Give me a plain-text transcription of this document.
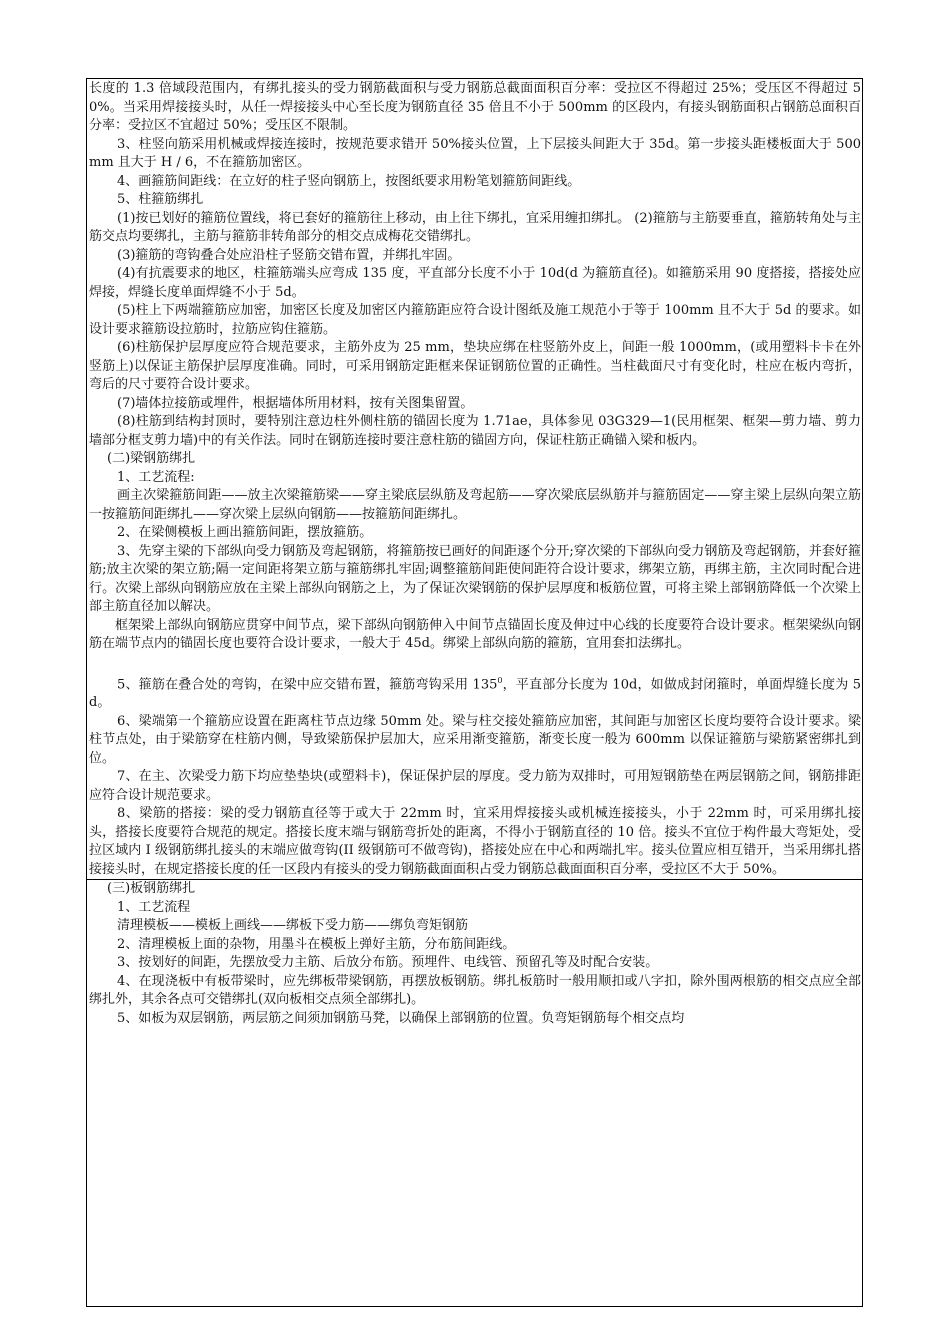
长度的 1.3 倍域段范围内，有绑扎接头的受力钢筋截面积与受力钢筋总截面面积百分率：受拉区不得超过 25%；受压区不得超过 50%。当采用焊接接头时，从任一焊接接头中心至长度为钢筋直径 35 倍且不小于 500mm 的区段内，有接头钢筋面积占钢筋总面积百分率：受拉区不宜超过 50%；受压区不限制。

3、柱竖向筋采用机械或焊接连接时，按规范要求错开 50%接头位置，上下层接头间距大于 35d。第一步接头距楼板面大于 500mm 且大于 H / 6，不在箍筋加密区。

4、画箍筋间距线：在立好的柱子竖向钢筋上，按图纸要求用粉笔划箍筋间距线。

5、柱箍筋绑扎

(1)按已划好的箍筋位置线，将已套好的箍筋往上移动，由上往下绑扎，宜采用缠扣绑扎。 (2)箍筋与主筋要垂直，箍筋转角处与主筋交点均要绑扎，主筋与箍筋非转角部分的相交点成梅花交错绑扎。

(3)箍筋的弯钩叠合处应沿柱子竖筋交错布置，并绑扎牢固。

(4)有抗震要求的地区，柱箍筋端头应弯成 135 度，平直部分长度不小于 10d(d 为箍筋直径)。如箍筋采用 90 度搭接，搭接处应焊接，焊缝长度单面焊缝不小于 5d。

(5)柱上下两端箍筋应加密，加密区长度及加密区内箍筋距应符合设计图纸及施工规范小于等于 100mm 且不大于 5d 的要求。如设计要求箍筋设拉筋时，拉筋应钩住箍筋。

(6)柱筋保护层厚度应符合规范要求，主筋外皮为 25 mm，垫块应绑在柱竖筋外皮上，间距一般 1000mm，(或用塑料卡卡在外竖筋上)以保证主筋保护层厚度准确。同时，可采用钢筋定距框来保证钢筋位置的正确性。当柱截面尺寸有变化时，柱应在板内弯折，弯后的尺寸要符合设计要求。

(7)墙体拉接筋或埋件，根据墙体所用材料，按有关图集留置。

(8)柱筋到结构封顶时，要特别注意边柱外侧柱筋的锚固长度为 1.71ae，具体参见 03G329—1(民用框架、框架—剪力墙、剪力墙部分框支剪力墙)中的有关作法。同时在钢筋连接时要注意柱筋的锚固方向，保证柱筋正确锚入梁和板内。

(二)梁钢筋绑扎

1、工艺流程:

画主次梁箍筋间距——放主次梁箍筋梁——穿主梁底层纵筋及弯起筋——穿次梁底层纵筋并与箍筋固定——穿主梁上层纵向架立筋一按箍筋间距绑扎——穿次梁上层纵向钢筋——按箍筋间距绑扎。

2、在梁侧模板上画出箍筋间距，摆放箍筋。

3、先穿主梁的下部纵向受力钢筋及弯起钢筋，将箍筋按已画好的间距逐个分开;穿次梁的下部纵向受力钢筋及弯起钢筋，并套好箍筋;放主次梁的架立筋;隔一定间距将架立筋与箍筋绑扎牢固;调整箍筋间距使间距符合设计要求，绑架立筋，再绑主筋，主次同时配合进行。次梁上部纵向钢筋应放在主梁上部纵向钢筋之上，为了保证次梁钢筋的保护层厚度和板筋位置，可将主梁上部钢筋降低一个次梁上部主筋直径加以解决。

框架梁上部纵向钢筋应贯穿中间节点，梁下部纵向钢筋伸入中间节点锚固长度及伸过中心线的长度要符合设计要求。框架梁纵向钢筋在端节点内的锚固长度也要符合设计要求，一般大于 45d。绑梁上部纵向筋的箍筋，宜用套扣法绑扎。

5、箍筋在叠合处的弯钩，在梁中应交错布置，箍筋弯钩采用 $135^0$，平直部分长度为 10d，如做成封闭箍时，单面焊缝长度为 5d。

6、梁端第一个箍筋应设置在距离柱节点边缘 50mm 处。梁与柱交接处箍筋应加密，其间距与加密区长度均要符合设计要求。梁柱节点处，由于梁筋穿在柱筋内侧，导致梁筋保护层加大，应采用渐变箍筋，渐变长度一般为 600mm 以保证箍筋与梁筋紧密绑扎到位。

7、在主、次梁受力筋下均应垫垫块(或塑料卡)，保证保护层的厚度。受力筋为双排时，可用短钢筋垫在两层钢筋之间，钢筋排距应符合设计规范要求。

8、梁筋的搭接：梁的受力钢筋直径等于或大于 22mm 时，宜采用焊接接头或机械连接接头，小于 22mm 时，可采用绑扎接头，搭接长度要符合规范的规定。搭接长度末端与钢筋弯折处的距离，不得小于钢筋直径的 10 倍。接头不宜位于构件最大弯矩处，受拉区域内 I 级钢筋绑扎接头的末端应做弯钩(II 级钢筋可不做弯钩)，搭接处应在中心和两端扎牢。接头位置应相互错开，当采用绑扎搭接接头时，在规定搭接长度的任一区段内有接头的受力钢筋截面面积占受力钢筋总截面面积百分率，受拉区不大于 50%。

(三)板钢筋绑扎

1、工艺流程

清理模板——模板上画线——绑板下受力筋——绑负弯矩钢筋

2、清理模板上面的杂物，用墨斗在模板上弹好主筋，分布筋间距线。

3、按划好的间距，先摆放受力主筋、后放分布筋。预埋件、电线管、预留孔等及时配合安装。

4、在现浇板中有板带梁时，应先绑板带梁钢筋，再摆放板钢筋。绑扎板筋时一般用顺扣或八字扣，除外围两根筋的相交点应全部绑扎外，其余各点可交错绑扎(双向板相交点须全部绑扎)。

5、如板为双层钢筋，两层筋之间须加钢筋马凳，以确保上部钢筋的位置。负弯矩钢筋每个相交点均
